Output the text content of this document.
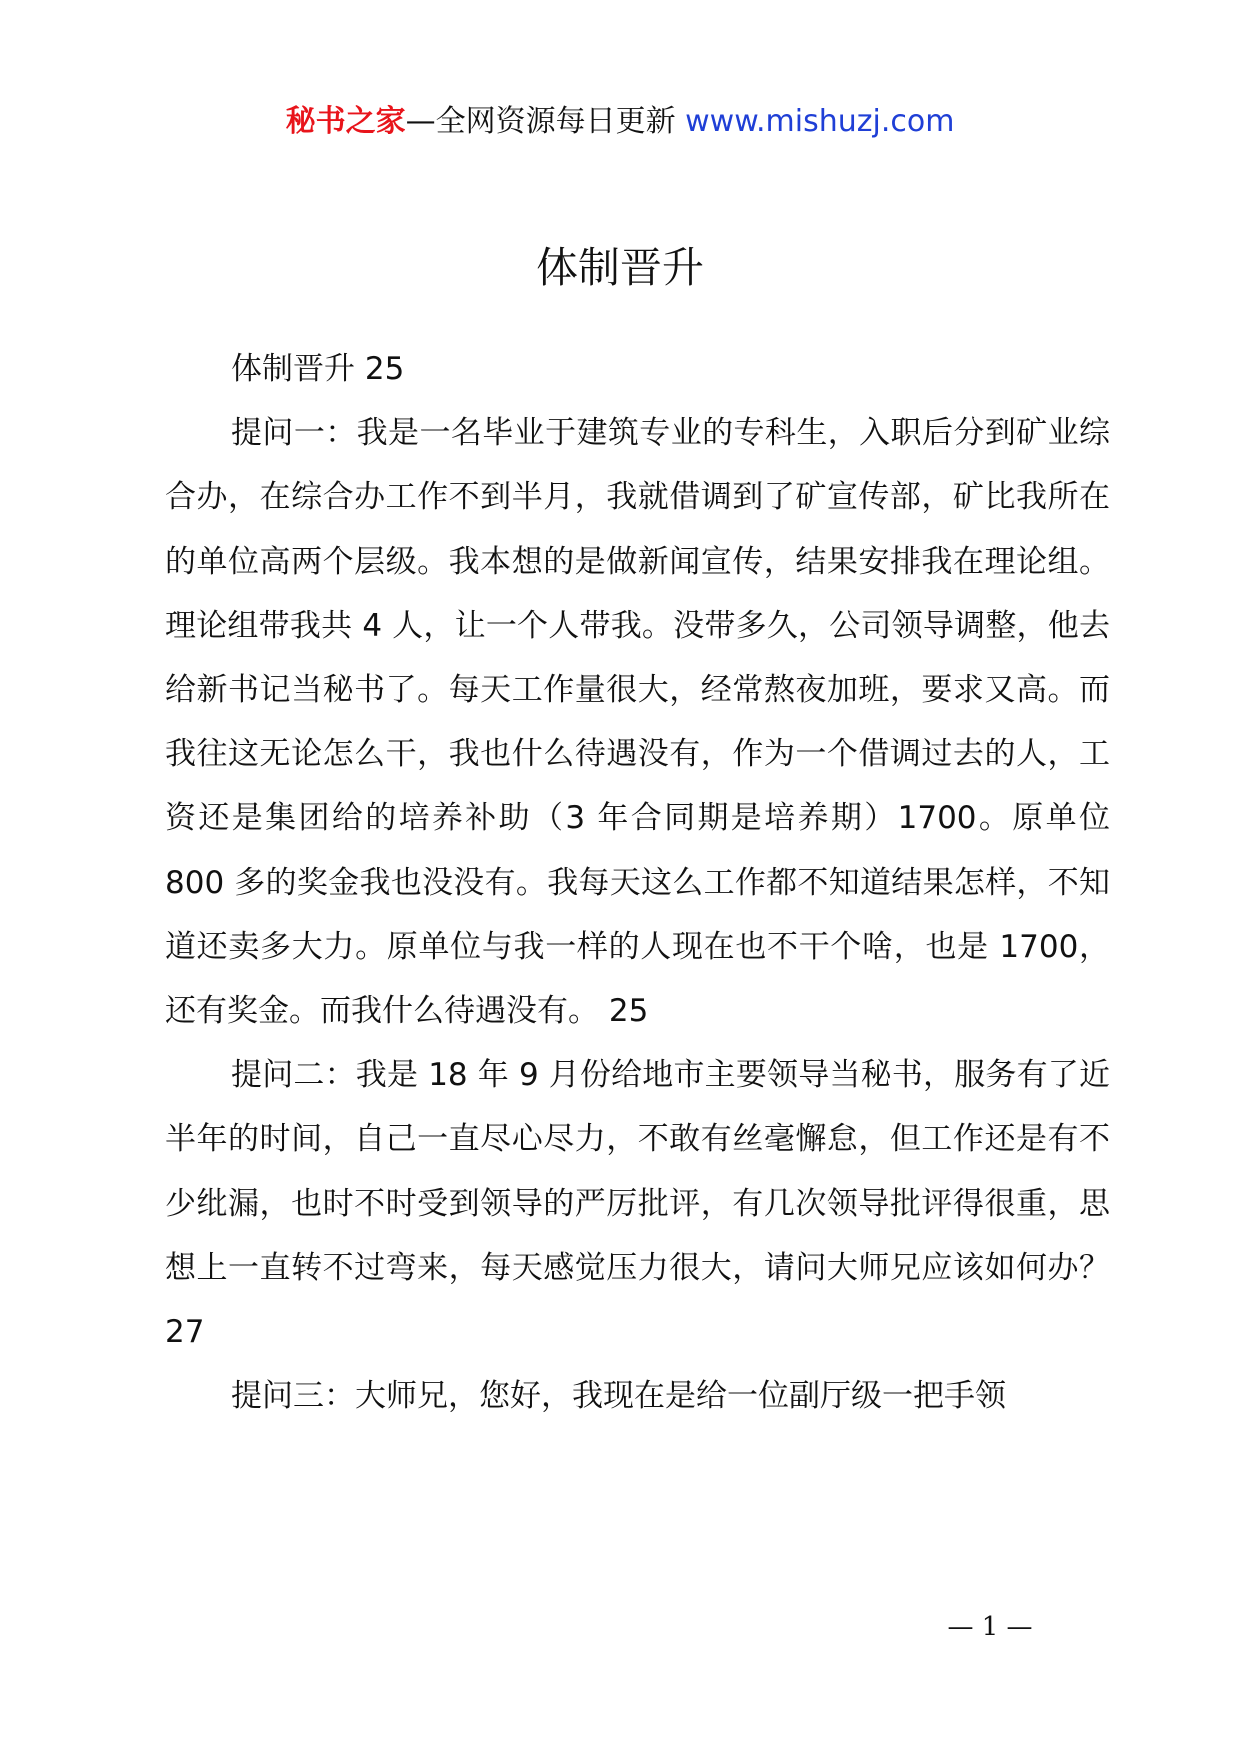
秘书之家—全网资源每日更新 www.mishuzj.com
体制晋升

体制晋升 25

提问一：我是一名毕业于建筑专业的专科生，入职后分到矿业综合办，在综合办工作不到半月，我就借调到了矿宣传部，矿比我所在的单位高两个层级。我本想的是做新闻宣传，结果安排我在理论组。理论组带我共 4 人，让一个人带我。没带多久，公司领导调整，他去给新书记当秘书了。每天工作量很大，经常熬夜加班，要求又高。而我往这无论怎么干，我也什么待遇没有，作为一个借调过去的人，工资还是集团给的培养补助（3 年合同期是培养期）1700。原单位 800 多的奖金我也没没有。我每天这么工作都不知道结果怎样，不知道还卖多大力。原单位与我一样的人现在也不干个啥，也是 1700，还有奖金。而我什么待遇没有。 25

提问二：我是 18 年 9 月份给地市主要领导当秘书，服务有了近半年的时间，自己一直尽心尽力，不敢有丝毫懈怠，但工作还是有不少纰漏，也时不时受到领导的严厉批评，有几次领导批评得很重，思想上一直转不过弯来，每天感觉压力很大，请问大师兄应该如何办？ 27

提问三：大师兄，您好，我现在是给一位副厅级一把手领

— 1 —
